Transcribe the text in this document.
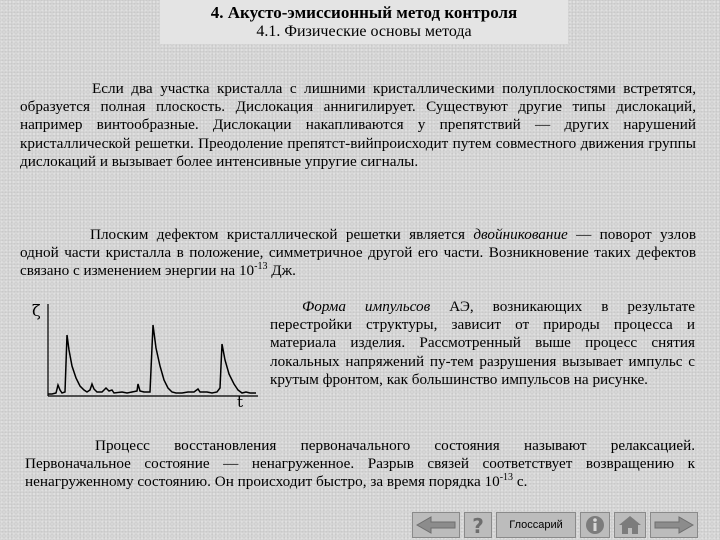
4. Акусто-эмиссионный метод контроля
4.1. Физические основы метода

Если два участка кристалла с лишними кристаллическими полуплоскостями встретятся, образуется полная плоскость. Дислокация аннигилирует. Существуют другие типы дислокаций, например винтообразные. Дислокации накапливаются у препятствий — других нарушений кристаллической решетки. Преодоление препятст-вийпроисходит путем совместного движения группы дислокаций и вызывает более интенсивные упругие сигналы.

Плоским дефектом кристаллической решетки является двойникование — поворот узлов одной части кристалла в положение, симметричное другой его части. Возникновение таких дефектов связано с изменением энергии на $10^{-13}$ Дж.

ζ
t

Форма импульсов АЭ, возникающих в результате перестройки структуры, зависит от природы процесса и материала изделия. Рассмотренный выше процесс снятия локальных напряжений пу-тем разрушения вызывает импульс с крутым фронтом, как большинство импульсов на рисунке.

Процесс восстановления первоначального состояния называют релаксацией. Первоначальное состояние — ненагруженное. Разрыв связей соответствует возвращению к ненагруженному состоянию. Он происходит быстро, за время порядка $10^{-13}$ с.

? Глоссарий
